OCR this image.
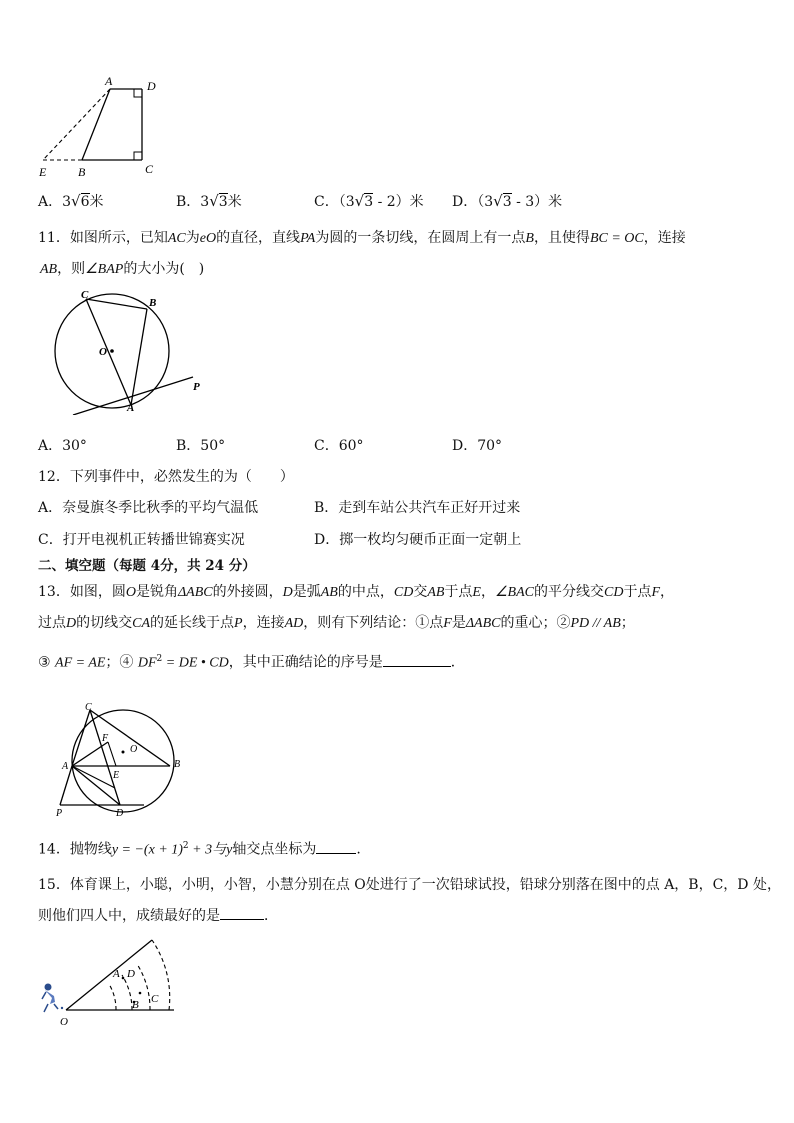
A	D
E	B	C
A．3√6米	B．3√3米	C．（3√3 - 2）米 D．（3√3 - 3）米
11．如图所示，已知AC为eO的直径，直线PA为圆的一条切线，在圆周上有一点B，且使得BC = OC，连接
AB，则∠BAP的大小为(　)
C
B
O
A
P
A．30°	B．50°	C．60°	D．70°
12．下列事件中，必然发生的为（　　）
A．奈曼旗冬季比秋季的平均气温低	B．走到车站公共汽车正好开过来
C．打开电视机正转播世锦赛实况	D．掷一枚均匀硬币正面一定朝上
二、填空题（每题 4分，共 24 分）
13．如图，圆O是锐角ΔABC的外接圆，D是弧AB的中点，CD交AB于点E，∠BAC的平分线交CD于点F，
过点D的切线交CA的延长线于点P，连接AD，则有下列结论：①点F是ΔABC的重心；②PD // AB；
③ AF = AE；④ $DF^2$ = DE • CD，其中正确结论的序号是	．
C
F
O
A
E
B
P	D
14．抛物线$y = -(x + 1)^2 + 3$与y轴交点坐标为	.
15．体育课上，小聪，小明，小智，小慧分别在点 O处进行了一次铅球试投，铅球分别落在图中的点 A，B，C，D 处，
则他们四人中，成绩最好的是	．
A D
C
B
O
